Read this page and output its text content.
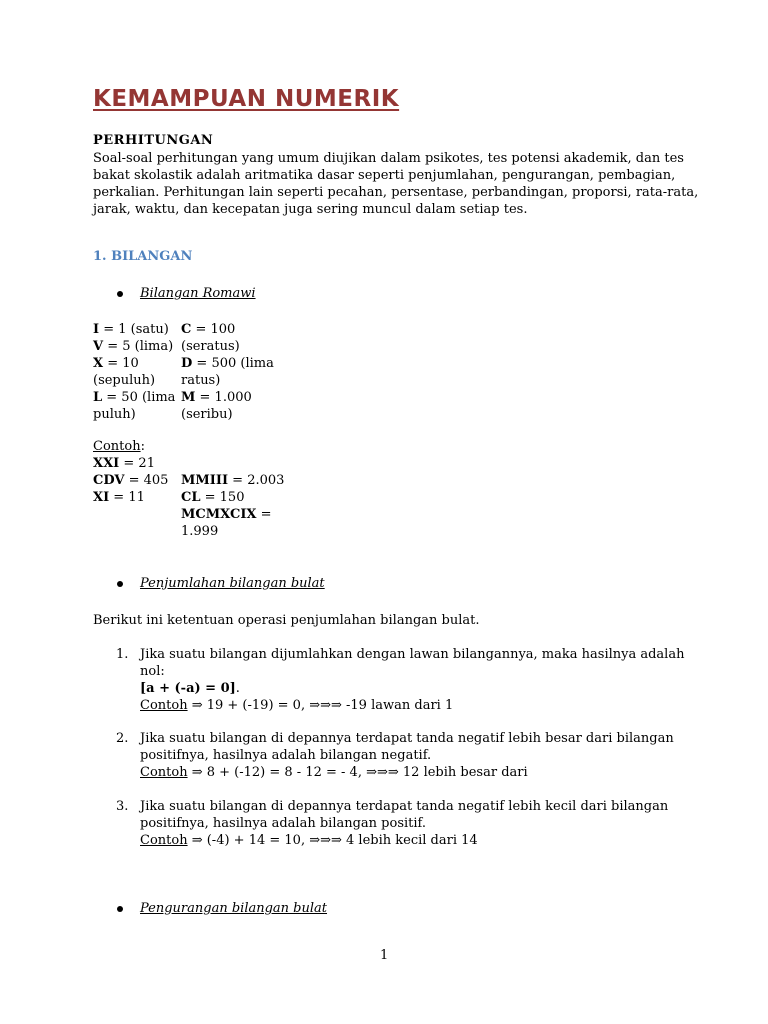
KEMAMPUAN NUMERIK
PERHITUNGAN
Soal-soal perhitungan yang umum diujikan dalam psikotes, tes potensi akademik, dan tes
bakat skolastik adalah aritmatika dasar seperti penjumlahan, pengurangan, pembagian,
perkalian. Perhitungan lain seperti pecahan, persentase, perbandingan, proporsi, rata-rata,
jarak, waktu, dan kecepatan juga sering muncul dalam setiap tes.
1. BILANGAN
Bilangan Romawi
I = 1 (satu)
V = 5 (lima)
X = 10
(sepuluh)
L = 50 (lima
puluh)
C = 100
(seratus)
D = 500 (lima
ratus)
M = 1.000
(seribu)
Contoh:
XXI = 21
CDV = 405
XI = 11
MMIII = 2.003
CL = 150
MCMXCIX =
1.999
Penjumlahan bilangan bulat
Berikut ini ketentuan operasi penjumlahan bilangan bulat.
1. Jika suatu bilangan dijumlahkan dengan lawan bilangannya, maka hasilnya adalah
nol:
[a + (-a) = 0].
Contoh ⇒ 19 + (-19) = 0, ⇒⇒⇒ -19 lawan dari 1
2. Jika suatu bilangan di depannya terdapat tanda negatif lebih besar dari bilangan
positifnya, hasilnya adalah bilangan negatif.
Contoh ⇒ 8 + (-12) = 8 - 12 = - 4, ⇒⇒⇒ 12 lebih besar dari
3. Jika suatu bilangan di depannya terdapat tanda negatif lebih kecil dari bilangan
positifnya, hasilnya adalah bilangan positif.
Contoh ⇒ (-4) + 14 = 10, ⇒⇒⇒ 4 lebih kecil dari 14
Pengurangan bilangan bulat
1
